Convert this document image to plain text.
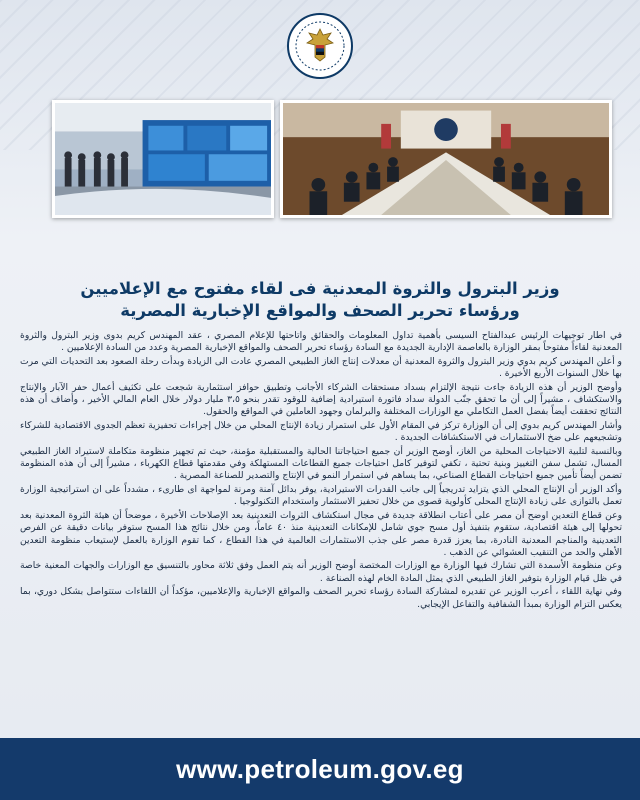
وزير البترول والثروة المعدنية فى لقاء مفتوح مع الإعلاميين
ورؤساء تحرير الصحف والمواقع الإخبارية المصرية

في اطار توجيهات الرئيس عبدالفتاح السيسى بأهمية تداول المعلومات والحقائق واتاحتها للإعلام المصري ، عقد المهندس كريم بدوى وزير البترول والثروة المعدنية لقاءاً مفتوحاً بمقر الوزارة بالعاصمة الإدارية الجديدة مع السادة رؤساء تحرير الصحف والمواقع الإخبارية المصرية وعدد من السادة الإعلاميين .

و أعلن المهندس كريم بدوي وزير البترول والثروة المعدنية أن معدلات إنتاج الغاز الطبيعي المصري عادت الى الزيادة وبدأت رحلة الصعود بعد التحديات التي مرت بها خلال السنوات الأربع الأخيرة .

وأوضح الوزير أن هذه الزيادة جاءت نتيجة الإلتزام بسداد مستحقات الشركاء الأجانب وتطبيق حوافز استثمارية شجعت على تكثيف أعمال حفر الآبار والإنتاج والاستكشاف ، مشيراً إلى أن ما تحقق جنّب الدولة سداد فاتورة استيرادية إضافية للوقود تقدر بنحو ٣،٥ مليار دولار خلال العام المالي الأخير ، وأضاف أن هذه النتائج تحققت أيضاً بفضل العمل التكاملي مع الوزارات المختلفة والبرلمان وجهود العاملين في المواقع والحقول.

وأشار المهندس كريم بدوي إلى أن الوزارة تركز في المقام الأول على استمرار زيادة الإنتاج المحلي من خلال إجراءات تحفيزية تعظم الجدوى الاقتصادية للشركاء وتشجيعهم على ضخ الاستثمارات في الاستكشافات الجديدة .

وبالنسبة لتلبية الاحتياجات المحلية من الغاز، أوضح الوزير أن جميع احتياجاتنا الحالية والمستقبلية مؤمنة، حيث تم تجهيز منظومة متكاملة لاستيراد الغاز الطبيعي المسال، تشمل سفن التغييز وبنية تحتية ، تكفي لتوفير كامل احتياجات جميع القطاعات المستهلكة وفي مقدمتها قطاع الكهرباء ، مشيراً إلى أن هذه المنظومة تضمن أيضاً تأمين جميع احتياجات القطاع الصناعي، بما يساهم في استمرار النمو في الإنتاج والتصدير للصناعة المصرية .

وأكد الوزير أن الإنتاج المحلي الذي يتزايد تدريجياً إلى جانب القدرات الاستيرادية، يوفر بدائل آمنة ومرنة لمواجهة اى طارىء ، مشدداً على ان استراتيجية الوزارة تعمل بالتوازى على زيادة الإنتاج المحلى كأولوية قصوى من خلال تحفيز الاستثمار واستخدام التكنولوجيا .

وعن قطاع التعدين اوضح أن مصر على أعتاب انطلاقة جديدة في مجال استكشاف الثروات التعدينية بعد الإصلاحات الأخيرة ، موضحاً أن هيئة الثروة المعدنية بعد تحولها إلى هيئة اقتصادية، ستقوم بتنفيذ أول مسح جوي شامل للإمكانات التعدينية منذ ٤٠ عاماً، ومن خلال نتائج هذا المسح ستوفر بيانات دقيقة عن الفرص التعدينية والمناجم المعدنية النادرة، بما يعزز قدرة مصر على جذب الاستثمارات العالمية في هذا القطاع ، كما تقوم الوزارة بالعمل لإستيعاب منظومة التعدين الأهلي والحد من التنقيب العشوائي عن الذهب .

وعن منظومة الأسمدة التي تشارك فيها الوزارة مع الوزارات المختصة أوضح الوزير أنه يتم العمل وفق ثلاثة محاور بالتنسيق مع الوزارات والجهات المعنية خاصة في ظل قيام الوزارة بتوفير الغاز الطبيعي الذي يمثل المادة الخام لهذه الصناعة .

وفي نهاية اللقاء ، أعرب الوزير عن تقديره لمشاركة السادة رؤساء تحرير الصحف والمواقع الإخبارية والإعلاميين، مؤكداً أن اللقاءات ستتواصل بشكل دوري، بما يعكس التزام الوزارة بمبدأ الشفافية والتفاعل الإيجابي.

www.petroleum.gov.eg
